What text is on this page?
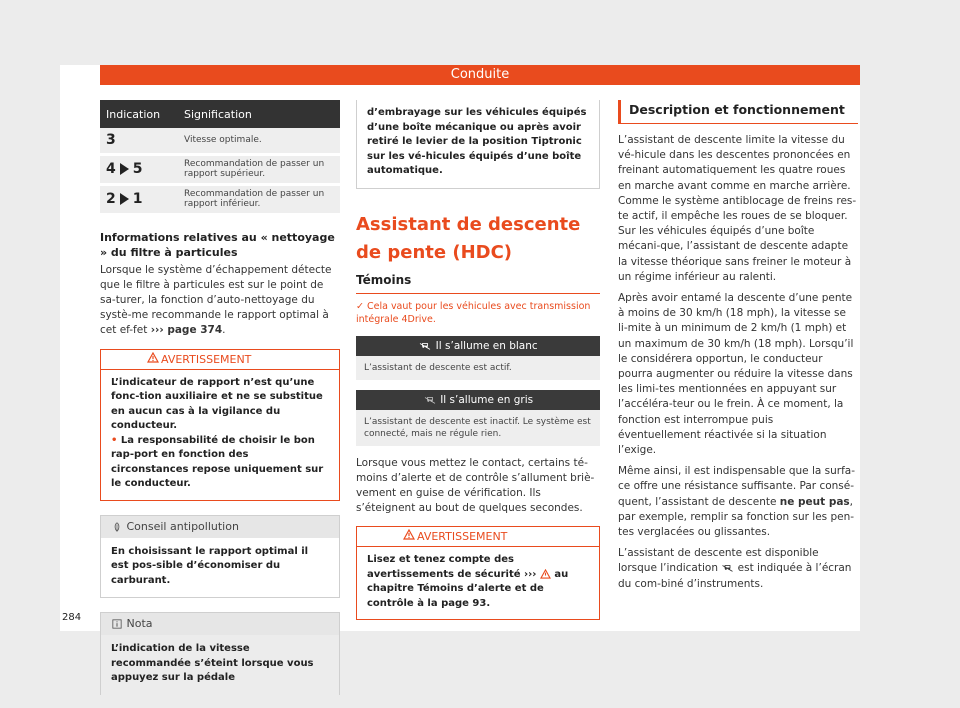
Conduite
Indication	Signification
3	Vitesse optimale.
4 5	Recommandation de passer un rapport supérieur.
2 1	Recommandation de passer un rapport inférieur.
Informations relatives au « nettoyage » du filtre à particules

Lorsque le système d’échappement détecte que le filtre à particules est sur le point de sa-turer, la fonction d’auto-nettoyage du systè-me recommande le rapport optimal à cet ef-fet ››› page 374.

AVERTISSEMENT
L’indicateur de rapport n’est qu’une fonc-tion auxiliaire et ne se substitue en aucun cas à la vigilance du conducteur.
• La responsabilité de choisir le bon rap-port en fonction des circonstances repose uniquement sur le conducteur.
Conseil antipollution
En choisissant le rapport optimal il est pos-sible d’économiser du carburant.
Nota
L’indication de la vitesse recommandée s’éteint lorsque vous appuyez sur la pédale
d’embrayage sur les véhicules équipés d’une boîte mécanique ou après avoir retiré le levier de la position Tiptronic sur les vé-hicules équipés d’une boîte automatique.
Assistant de descente de pente (HDC)
Témoins
✓ Cela vaut pour les véhicules avec transmission intégrale 4Drive.
Il s’allume en blanc
L’assistant de descente est actif.
Il s’allume en gris
L’assistant de descente est inactif. Le système est connecté, mais ne régule rien.

Lorsque vous mettez le contact, certains té-moins d’alerte et de contrôle s’allument briè-vement en guise de vérification. Ils s’éteignent au bout de quelques secondes.

AVERTISSEMENT
Lisez et tenez compte des avertissements de sécurité ››› au chapitre Témoins d’alerte et de contrôle à la page 93.
Description et fonctionnement

L’assistant de descente limite la vitesse du vé-hicule dans les descentes prononcées en freinant automatiquement les quatre roues en marche avant comme en marche arrière. Comme le système antiblocage de freins res-te actif, il empêche les roues de se bloquer. Sur les véhicules équipés d’une boîte mécani-que, l’assistant de descente adapte la vitesse théorique sans freiner le moteur à un régime inférieur au ralenti.

Après avoir entamé la descente d’une pente à moins de 30 km/h (18 mph), la vitesse se li-mite à un minimum de 2 km/h (1 mph) et un maximum de 30 km/h (18 mph). Lorsqu’il le considérera opportun, le conducteur pourra augmenter ou réduire la vitesse dans les limi-tes mentionnées en appuyant sur l’accéléra-teur ou le frein. À ce moment, la fonction est interrompue puis éventuellement réactivée si la situation l’exige.

Même ainsi, il est indispensable que la surfa-ce offre une résistance suffisante. Par consé-quent, l’assistant de descente ne peut pas, par exemple, remplir sa fonction sur les pen-tes verglacées ou glissantes.

L’assistant de descente est disponible lorsque l’indication est indiquée à l’écran du com-biné d’instruments.

284
